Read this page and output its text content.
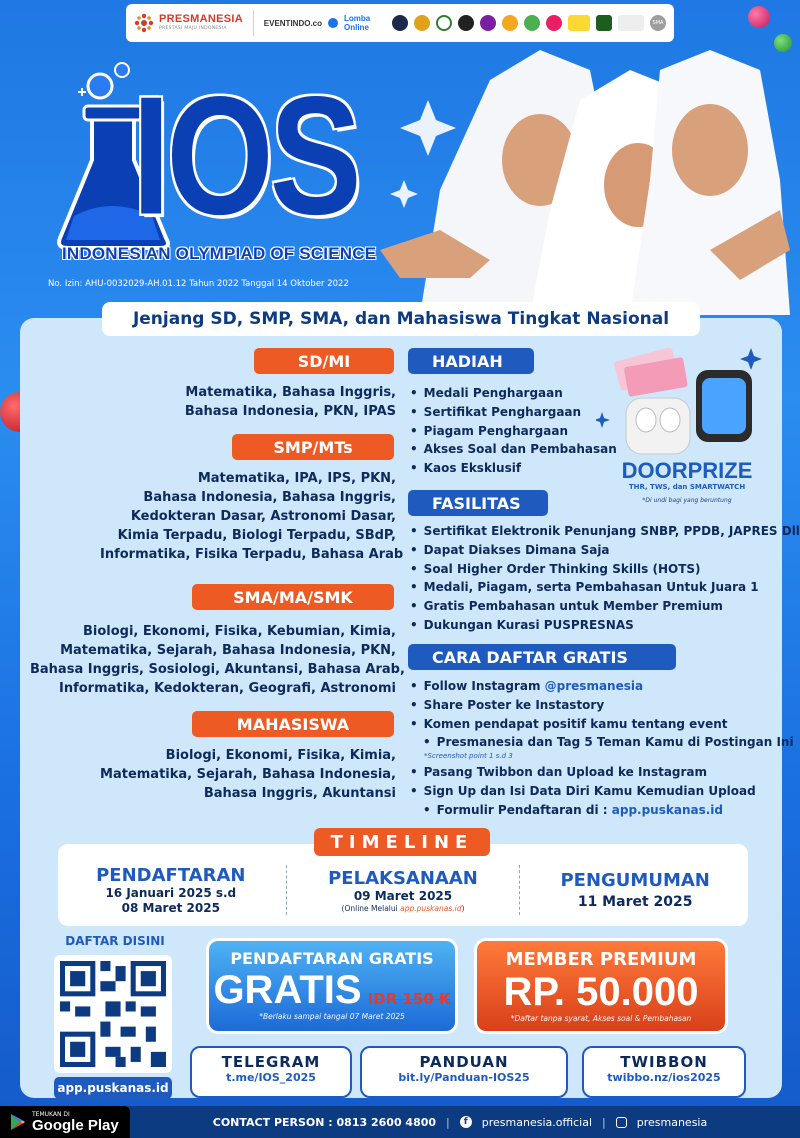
PRESMANESIA
PRESTASI MAJU INDONESIA
EVENTINDO.co	Lomba Online	SMA
IOS
INDONESIAN OLYMPIAD OF SCIENCE
No. Izin: AHU-0032029-AH.01.12 Tahun 2022 Tanggal 14 Oktober 2022
Jenjang SD, SMP, SMA, dan Mahasiswa Tingkat Nasional
SD/MI
Matematika, Bahasa Inggris,
Bahasa Indonesia, PKN, IPAS
SMP/MTs
Matematika, IPA, IPS, PKN,
Bahasa Indonesia, Bahasa Inggris,
Kedokteran Dasar, Astronomi Dasar,
Kimia Terpadu, Biologi Terpadu, SBdP,
Informatika, Fisika Terpadu, Bahasa Arab
SMA/MA/SMK
Biologi, Ekonomi, Fisika, Kebumian, Kimia,
Matematika, Sejarah, Bahasa Indonesia, PKN,
Bahasa Inggris, Sosiologi, Akuntansi, Bahasa Arab,
Informatika, Kedokteran, Geografi, Astronomi
MAHASISWA
Biologi, Ekonomi, Fisika, Kimia,
Matematika, Sejarah, Bahasa Indonesia,
Bahasa Inggris, Akuntansi
HADIAH
• Medali Penghargaan
• Sertifikat Penghargaan
• Piagam Penghargaan
• Akses Soal dan Pembahasan
• Kaos Eksklusif	DOORPRIZE
THR, TWS, dan SMARTWATCH
*Di undi bagi yang beruntung
FASILITAS
• Sertifikat Elektronik Penunjang SNBP, PPDB, JAPRES Dll
• Dapat Diakses Dimana Saja
• Soal Higher Order Thinking Skills (HOTS)
• Medali, Piagam, serta Pembahasan Untuk Juara 1
• Gratis Pembahasan untuk Member Premium
• Dukungan Kurasi PUSPRESNAS
CARA DAFTAR GRATIS
• Follow Instagram @presmanesia
• Share Poster ke Instastory
• Komen pendapat positif kamu tentang event
• Presmanesia dan Tag 5 Teman Kamu di Postingan Ini
*Screenshot point 1 s.d 3
• Pasang Twibbon dan Upload ke Instagram
• Sign Up dan Isi Data Diri Kamu Kemudian Upload
• Formulir Pendaftaran di : app.puskanas.id
PENDAFTARAN
16 Januari 2025 s.d
08 Maret 2025
PELAKSANAAN
09 Maret 2025
(Online Melalui app.puskanas.id)
PENGUMUMAN
11 Maret 2025
TIMELINE
DAFTAR DISINI
app.puskanas.id
PENDAFTARAN GRATIS
GRATIS IDR 150 K
*Berlaku sampai tangal 07 Maret 2025
MEMBER PREMIUM
RP. 50.000
*Daftar tanpa syarat, Akses soal & Pembahasan
TELEGRAM
t.me/IOS_2025
PANDUAN
bit.ly/Panduan-IOS25
TWIBBON
twibbo.nz/ios2025
CONTACT PERSON : 0813 2600 4800 |	f	presmanesia.official |	presmanesia
TEMUKAN DI
Google Play
